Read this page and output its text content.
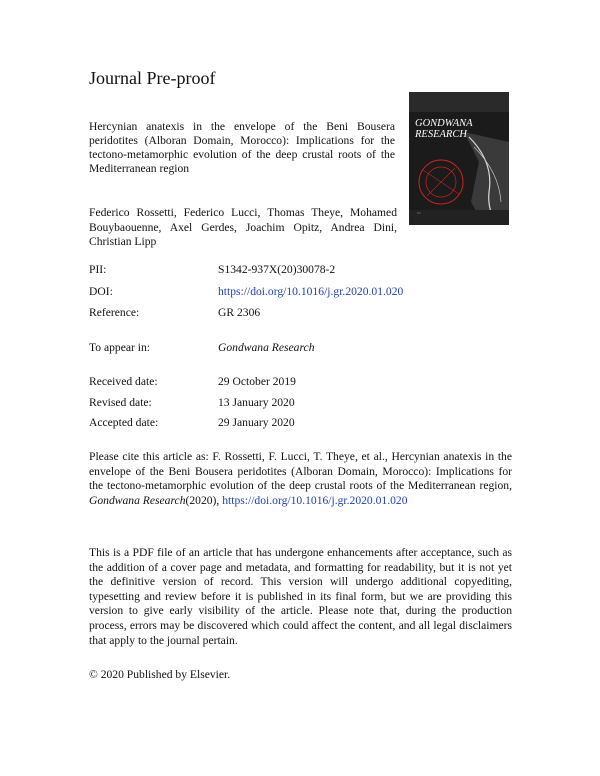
Journal Pre-proof
Hercynian anatexis in the envelope of the Beni Bousera peridotites (Alboran Domain, Morocco): Implications for the tectono-metamorphic evolution of the deep crustal roots of the Mediterranean region
•••
GONDWANA
RESEARCH
Federico Rossetti, Federico Lucci, Thomas Theye, Mohamed Bouybaouenne, Axel Gerdes, Joachim Opitz, Andrea Dini, Christian Lipp
PII:	S1342-937X(20)30078-2
DOI:	https://doi.org/10.1016/j.gr.2020.01.020
Reference:	GR 2306
To appear in:	Gondwana Research
Received date:	29 October 2019
Revised date:	13 January 2020
Accepted date:	29 January 2020
Please cite this article as: F. Rossetti, F. Lucci, T. Theye, et al., Hercynian anatexis in the envelope of the Beni Bousera peridotites (Alboran Domain, Morocco): Implications for the tectono-metamorphic evolution of the deep crustal roots of the Mediterranean region, Gondwana Research(2020), https://doi.org/10.1016/j.gr.2020.01.020
This is a PDF file of an article that has undergone enhancements after acceptance, such as the addition of a cover page and metadata, and formatting for readability, but it is not yet the definitive version of record. This version will undergo additional copyediting, typesetting and review before it is published in its final form, but we are providing this version to give early visibility of the article. Please note that, during the production process, errors may be discovered which could affect the content, and all legal disclaimers that apply to the journal pertain.
© 2020 Published by Elsevier.
